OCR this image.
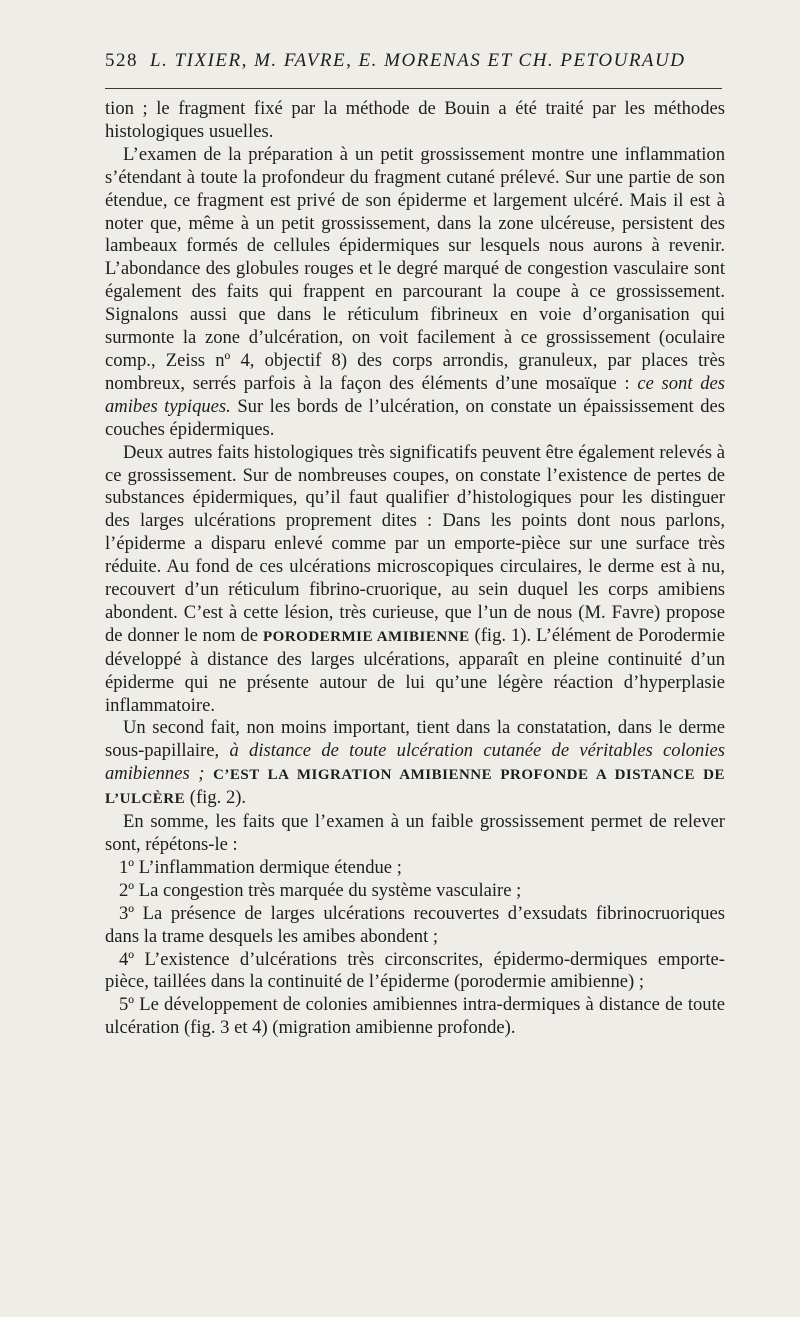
528 L. TIXIER, M. FAVRE, E. MORENAS ET CH. PETOURAUD

tion ; le fragment fixé par la méthode de Bouin a été traité par les méthodes histologiques usuelles.

L’examen de la préparation à un petit grossissement montre une inflammation s’étendant à toute la profondeur du fragment cutané prélevé. Sur une partie de son étendue, ce fragment est privé de son épiderme et largement ulcéré. Mais il est à noter que, même à un petit grossissement, dans la zone ulcéreuse, persistent des lambeaux formés de cellules épidermiques sur lesquels nous aurons à revenir. L’abondance des globules rouges et le degré marqué de congestion vasculaire sont également des faits qui frappent en parcourant la coupe à ce grossissement. Signalons aussi que dans le réticulum fibrineux en voie d’organisation qui surmonte la zone d’ulcération, on voit facilement à ce grossissement (oculaire comp., Zeiss nº 4, objectif 8) des corps arrondis, granuleux, par places très nombreux, serrés parfois à la façon des éléments d’une mosaïque : ce sont des amibes typiques. Sur les bords de l’ulcération, on constate un épaississement des couches épidermiques.

Deux autres faits histologiques très significatifs peuvent être également relevés à ce grossissement. Sur de nombreuses coupes, on constate l’existence de pertes de substances épidermiques, qu’il faut qualifier d’histologiques pour les distinguer des larges ulcérations proprement dites : Dans les points dont nous parlons, l’épiderme a disparu enlevé comme par un emporte-pièce sur une surface très réduite. Au fond de ces ulcérations microscopiques circulaires, le derme est à nu, recouvert d’un réticulum fibrino-cruorique, au sein duquel les corps amibiens abondent. C’est à cette lésion, très curieuse, que l’un de nous (M. Favre) propose de donner le nom de PORODERMIE AMIBIENNE (fig. 1). L’élément de Porodermie développé à distance des larges ulcérations, apparaît en pleine continuité d’un épiderme qui ne présente autour de lui qu’une légère réaction d’hyperplasie inflammatoire.

Un second fait, non moins important, tient dans la constatation, dans le derme sous-papillaire, à distance de toute ulcération cutanée de véritables colonies amibiennes ; C’EST LA MIGRATION AMIBIENNE PROFONDE A DISTANCE DE L’ULCÈRE (fig. 2).

En somme, les faits que l’examen à un faible grossissement permet de relever sont, répétons-le :

1º L’inflammation dermique étendue ;

2º La congestion très marquée du système vasculaire ;

3º La présence de larges ulcérations recouvertes d’exsudats fibrinocruoriques dans la trame desquels les amibes abondent ;

4º L’existence d’ulcérations très circonscrites, épidermo-dermiques emporte-pièce, taillées dans la continuité de l’épiderme (porodermie amibienne) ;

5º Le développement de colonies amibiennes intra-dermiques à distance de toute ulcération (fig. 3 et 4) (migration amibienne profonde).
